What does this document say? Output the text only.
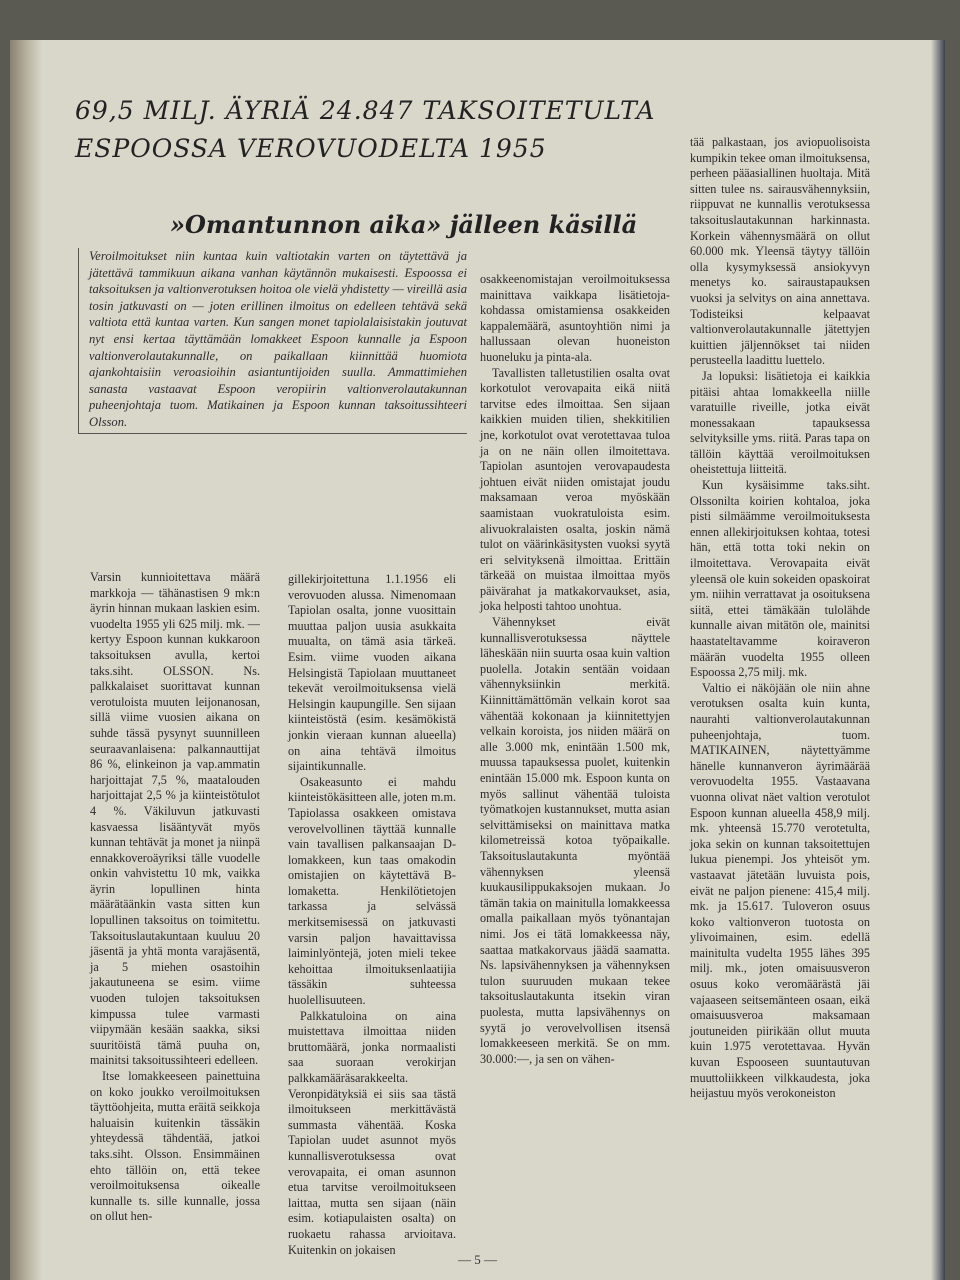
69,5 MILJ. ÄYRIÄ 24.847 TAKSOITETULTA
ESPOOSSA VEROVUODELTA 1955
»Omantunnon aika» jälleen käsillä

Veroilmoitukset niin kuntaa kuin valtiotakin varten on täytettävä ja jätettävä tammikuun aikana vanhan käytännön mukaisesti. Espoossa ei taksoituksen ja valtionverotuksen hoitoa ole vielä yhdistetty — vireillä asia tosin jatkuvasti on — joten erillinen ilmoitus on edelleen tehtävä sekä valtiota että kuntaa varten. Kun sangen monet tapiolalaisistakin joutuvat nyt ensi kertaa täyttämään lomakkeet Espoon kunnalle ja Espoon valtionverolautakunnalle, on paikallaan kiinnittää huomiota ajankohtaisiin veroasioihin asiantuntijoiden suulla. Ammattimiehen sanasta vastaavat Espoon veropiirin valtionverolautakunnan puheenjohtaja tuom. Matikainen ja Espoon kunnan taksoitussihteeri Olsson.

Varsin kunnioitettava määrä markkoja — tähänastisen 9 mk:n äyrin hinnan mukaan laskien esim. vuodelta 1955 yli 625 milj. mk. — kertyy Espoon kunnan kukkaroon taksoituksen avulla, kertoi taks.siht. OLSSON. Ns. palkkalaiset suorittavat kunnan verotuloista muuten leijonanosan, sillä viime vuosien aikana on suhde tässä pysynyt suunnilleen seuraavanlaisena: palkannauttijat 86 %, elinkeinon ja vap.ammatin harjoittajat 7,5 %, maatalouden harjoittajat 2,5 % ja kiinteistötulot 4 %. Väkiluvun jatkuvasti kasvaessa lisääntyvät myös kunnan tehtävät ja monet ja niinpä ennakkoveroäyriksi tälle vuodelle onkin vahvistettu 10 mk, vaikka äyrin lopullinen hinta määrätäänkin vasta sitten kun lopullinen taksoitus on toimitettu. Taksoituslautakuntaan kuuluu 20 jäsentä ja yhtä monta varajäsentä, ja 5 miehen osastoihin jakautuneena se esim. viime vuoden tulojen taksoituksen kimpussa tulee varmasti viipymään kesään saakka, siksi suuritöistä tämä puuha on, mainitsi taksoitussihteeri edelleen.

Itse lomakkeeseen painettuina on koko joukko veroilmoituksen täyttöohjeita, mutta eräitä seikkoja haluaisin kuitenkin tässäkin yhteydessä tähdentää, jatkoi taks.siht. Olsson. Ensimmäinen ehto tällöin on, että tekee veroilmoituksensa oikealle kunnalle ts. sille kunnalle, jossa on ollut hen-

gillekirjoitettuna 1.1.1956 eli verovuoden alussa. Nimenomaan Tapiolan osalta, jonne vuosittain muuttaa paljon uusia asukkaita muualta, on tämä asia tärkeä. Esim. viime vuoden aikana Helsingistä Tapiolaan muuttaneet tekevät veroilmoituksensa vielä Helsingin kaupungille. Sen sijaan kiinteistöstä (esim. kesämökistä jonkin vieraan kunnan alueella) on aina tehtävä ilmoitus sijaintikunnalle.

Osakeasunto ei mahdu kiinteistökäsitteen alle, joten m.m. Tapiolassa osakkeen omistava verovelvollinen täyttää kunnalle vain tavallisen palkansaajan D-lomakkeen, kun taas omakodin omistajien on käytettävä B-lomaketta. Henkilötietojen tarkassa ja selvässä merkitsemisessä on jatkuvasti varsin paljon havaittavissa laiminlyöntejä, joten mieli tekee kehoittaa ilmoituksenlaatijia tässäkin suhteessa huolellisuuteen.

Palkkatuloina on aina muistettava ilmoittaa niiden bruttomäärä, jonka normaalisti saa suoraan verokirjan palkkamääräsarakkeelta. Veronpidätyksiä ei siis saa tästä ilmoitukseen merkittävästä summasta vähentää. Koska Tapiolan uudet asunnot myös kunnallisverotuksessa ovat verovapaita, ei oman asunnon etua tarvitse veroilmoitukseen laittaa, mutta sen sijaan (näin esim. kotiapulaisten osalta) on ruokaetu rahassa arvioitava. Kuitenkin on jokaisen

osakkeenomistajan veroilmoituksessa mainittava vaikkapa lisätietoja-kohdassa omistamiensa osakkeiden kappalemäärä, asuntoyhtiön nimi ja hallussaan olevan huoneiston huoneluku ja pinta-ala.

Tavallisten talletustilien osalta ovat korkotulot verovapaita eikä niitä tarvitse edes ilmoittaa. Sen sijaan kaikkien muiden tilien, shekkitilien jne, korkotulot ovat verotettavaa tuloa ja on ne näin ollen ilmoitettava. Tapiolan asuntojen verovapaudesta johtuen eivät niiden omistajat joudu maksamaan veroa myöskään saamistaan vuokratuloista esim. alivuokralaisten osalta, joskin nämä tulot on väärinkäsitysten vuoksi syytä eri selvityksenä ilmoittaa. Erittäin tärkeää on muistaa ilmoittaa myös päivärahat ja matkakorvaukset, asia, joka helposti tahtoo unohtua.

Vähennykset eivät kunnallisverotuksessa näyttele läheskään niin suurta osaa kuin valtion puolella. Jotakin sentään voidaan vähennyksiinkin merkitä. Kiinnittämättömän velkain korot saa vähentää kokonaan ja kiinnitettyjen velkain koroista, jos niiden määrä on alle 3.000 mk, enintään 1.500 mk, muussa tapauksessa puolet, kuitenkin enintään 15.000 mk. Espoon kunta on myös sallinut vähentää tuloista työmatkojen kustannukset, mutta asian selvittämiseksi on mainittava matka kilometreissä kotoa työpaikalle. Taksoituslautakunta myöntää vähennyksen yleensä kuukausilippukaksojen mukaan. Jo tämän takia on mainitulla lomakkeessa omalla paikallaan myös työnantajan nimi. Jos ei tätä lomakkeessa näy, saattaa matkakorvaus jäädä saamatta. Ns. lapsivähennyksen ja vähennyksen tulon suuruuden mukaan tekee taksoituslautakunta itsekin viran puolesta, mutta lapsivähennys on syytä jo verovelvollisen itsensä lomakkeeseen merkitä. Se on mm. 30.000:—, ja sen on vähen-

tää palkastaan, jos aviopuolisoista kumpikin tekee oman ilmoituksensa, perheen pääasiallinen huoltaja. Mitä sitten tulee ns. sairausvähennyksiin, riippuvat ne kunnallis verotuksessa taksoituslautakunnan harkinnasta. Korkein vähennysmäärä on ollut 60.000 mk. Yleensä täytyy tällöin olla kysymyksessä ansiokyvyn menetys ko. sairaustapauksen vuoksi ja selvitys on aina annettava. Todisteiksi kelpaavat valtionverolautakunnalle jätettyjen kuittien jäljennökset tai niiden perusteella laadittu luettelo.

Ja lopuksi: lisätietoja ei kaikkia pitäisi ahtaa lomakkeella niille varatuille riveille, jotka eivät monessakaan tapauksessa selvityksille yms. riitä. Paras tapa on tällöin käyttää veroilmoituksen oheistettuja liitteitä.

Kun kysäisimme taks.siht. Olssonilta koirien kohtaloa, joka pisti silmäämme veroilmoituksesta ennen allekirjoituksen kohtaa, totesi hän, että totta toki nekin on ilmoitettava. Verovapaita eivät yleensä ole kuin sokeiden opaskoirat ym. niihin verrattavat ja osoituksena siitä, ettei tämäkään tulolähde kunnalle aivan mitätön ole, mainitsi haastateltavamme koiraveron määrän vuodelta 1955 olleen Espoossa 2,75 milj. mk.

Valtio ei näköjään ole niin ahne verotuksen osalta kuin kunta, naurahti valtionverolautakunnan puheenjohtaja, tuom. MATIKAINEN, näytettyämme hänelle kunnanveron äyrimäärää verovuodelta 1955. Vastaavana vuonna olivat näet valtion verotulot Espoon kunnan alueella 458,9 milj. mk. yhteensä 15.770 verotetulta, joka sekin on kunnan taksoitettujen lukua pienempi. Jos yhteisöt ym. vastaavat jätetään luvuista pois, eivät ne paljon pienene: 415,4 milj. mk. ja 15.617. Tuloveron osuus koko valtionveron tuotosta on ylivoimainen, esim. edellä mainitulta vudelta 1955 lähes 395 milj. mk., joten omaisuusveron osuus koko veromäärästä jäi vajaaseen seitsemänteen osaan, eikä omaisuusveroa maksamaan joutuneiden piirikään ollut muuta kuin 1.975 verotettavaa. Hyvän kuvan Espooseen suuntautuvan muuttoliikkeen vilkkaudesta, joka heijastuu myös verokoneiston

— 5 —
